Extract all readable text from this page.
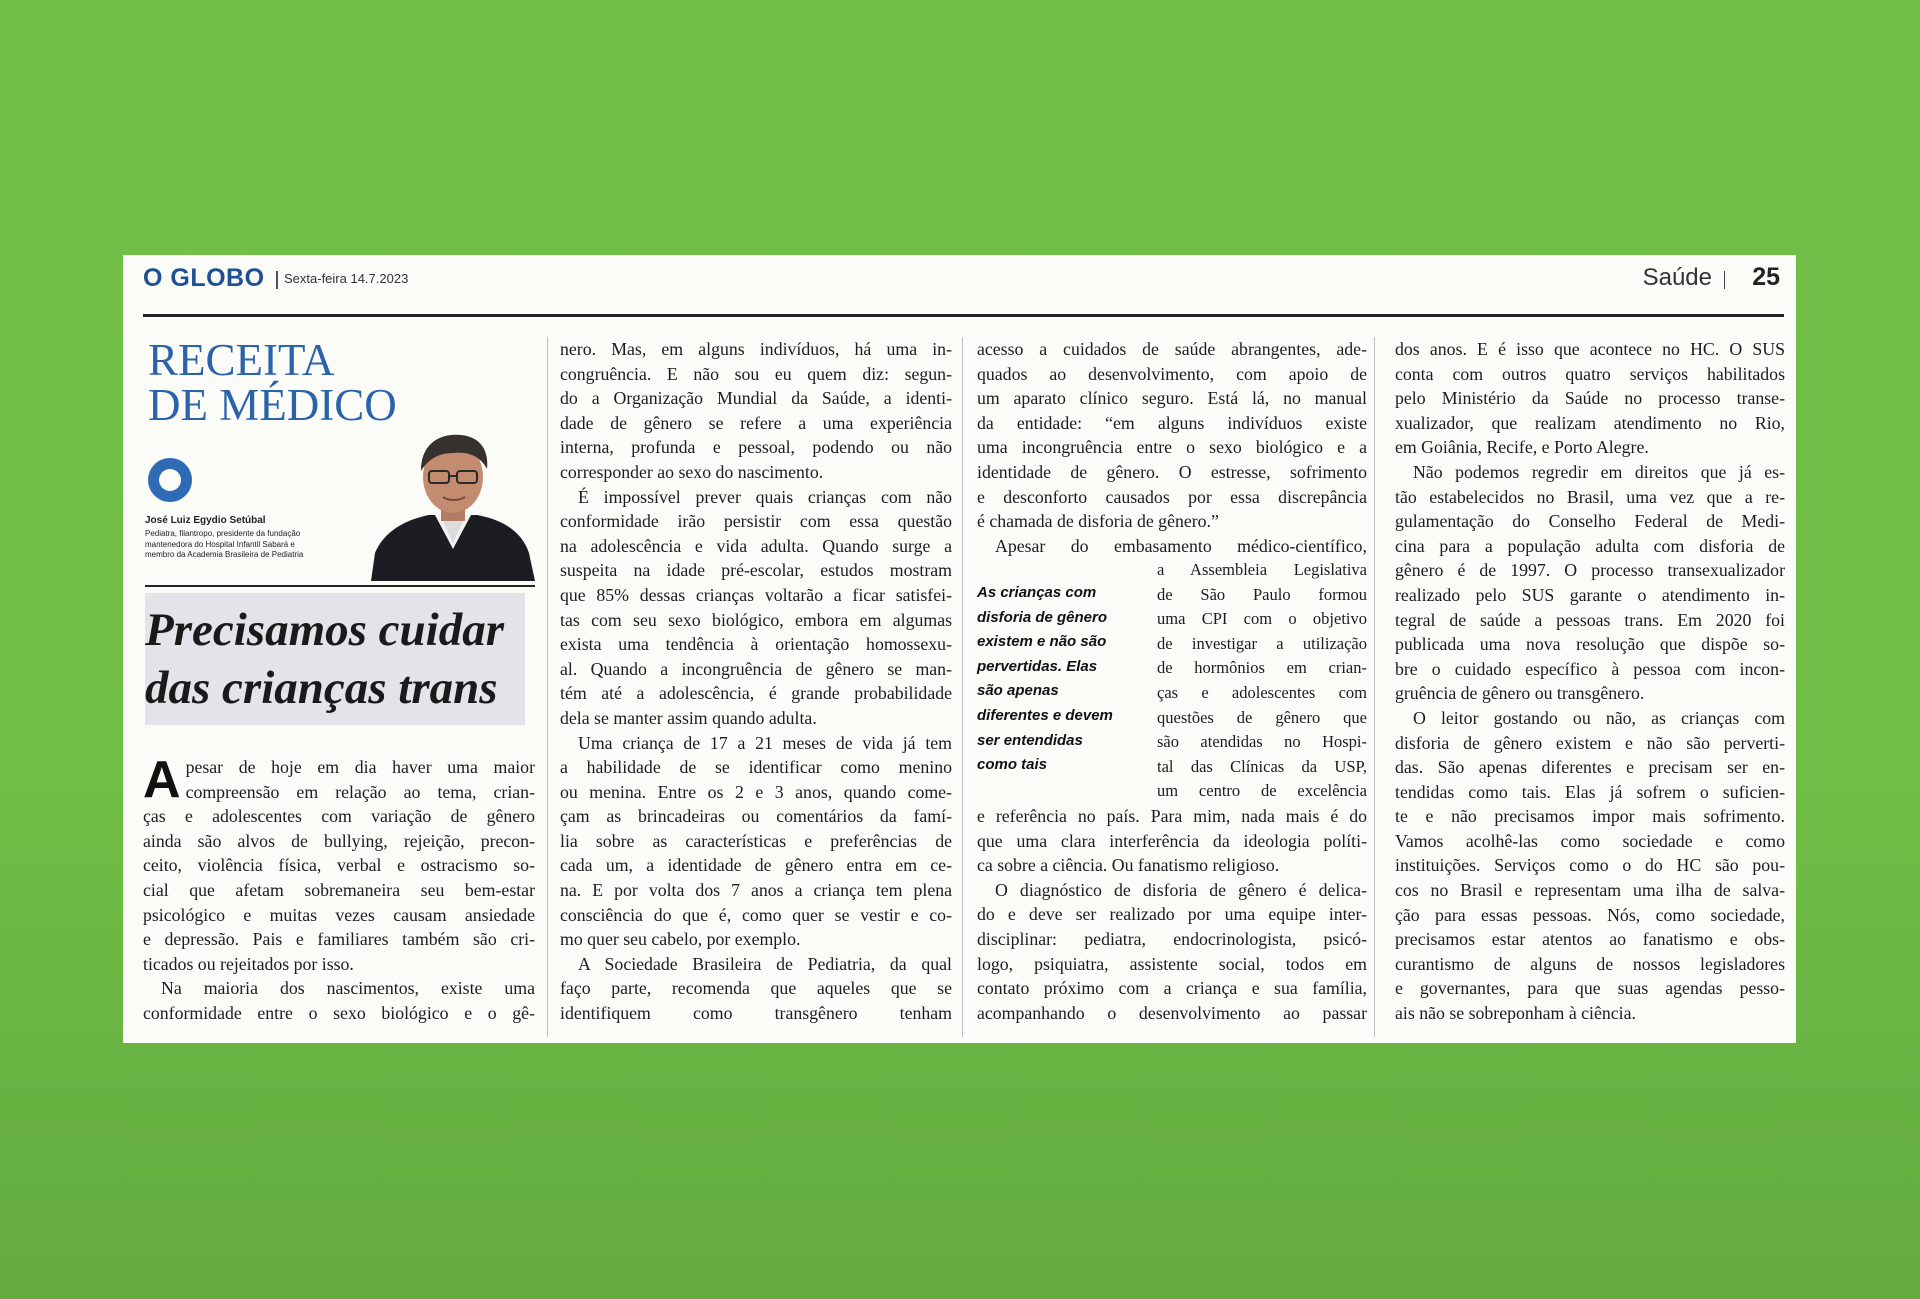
O GLOBO Sexta-feira 14.7.2023	Saúde 25
RECEITA
DE MÉDICO
José Luiz Egydio Setúbal
Pediatra, filantropo, presidente da fundação
mantenedora do Hospital Infantil Sabará e
membro da Academia Brasileira de Pediatria
Precisamos cuidar
das crianças trans
A pesar de hoje em dia haver uma maior
compreensão em relação ao tema, crian-
ças e adolescentes com variação de gênero
ainda são alvos de bullying, rejeição, precon-
ceito, violência física, verbal e ostracismo so-
cial que afetam sobremaneira seu bem-estar
psicológico e muitas vezes causam ansiedade
e depressão. Pais e familiares também são cri-
ticados ou rejeitados por isso.
Na maioria dos nascimentos, existe uma
conformidade entre o sexo biológico e o gê-
nero. Mas, em alguns indivíduos, há uma in-
congruência. E não sou eu quem diz: segun-
do a Organização Mundial da Saúde, a identi-
dade de gênero se refere a uma experiência
interna, profunda e pessoal, podendo ou não
corresponder ao sexo do nascimento.
É impossível prever quais crianças com não
conformidade irão persistir com essa questão
na adolescência e vida adulta. Quando surge a
suspeita na idade pré-escolar, estudos mostram
que 85% dessas crianças voltarão a ficar satisfei-
tas com seu sexo biológico, embora em algumas
exista uma tendência à orientação homossexu-
al. Quando a incongruência de gênero se man-
tém até a adolescência, é grande probabilidade
dela se manter assim quando adulta.
Uma criança de 17 a 21 meses de vida já tem
a habilidade de se identificar como menino
ou menina. Entre os 2 e 3 anos, quando come-
çam as brincadeiras ou comentários da famí-
lia sobre as características e preferências de
cada um, a identidade de gênero entra em ce-
na. E por volta dos 7 anos a criança tem plena
consciência do que é, como quer se vestir e co-
mo quer seu cabelo, por exemplo.
A Sociedade Brasileira de Pediatria, da qual
faço parte, recomenda que aqueles que se
identifiquem como transgênero tenham
acesso a cuidados de saúde abrangentes, ade-
quados ao desenvolvimento, com apoio de
um aparato clínico seguro. Está lá, no manual
da entidade: “em alguns indivíduos existe
uma incongruência entre o sexo biológico e a
identidade de gênero. O estresse, sofrimento
e desconforto causados por essa discrepância
é chamada de disforia de gênero.”
Apesar do embasamento médico-científico,
As crianças com
disforia de gênero
existem e não são
pervertidas. Elas
são apenas
diferentes e devem
ser entendidas
como tais
a Assembleia Legislativa
de São Paulo formou
uma CPI com o objetivo
de investigar a utilização
de hormônios em crian-
ças e adolescentes com
questões de gênero que
são atendidas no Hospi-
tal das Clínicas da USP,
um centro de excelência
e referência no país. Para mim, nada mais é do
que uma clara interferência da ideologia políti-
ca sobre a ciência. Ou fanatismo religioso.
O diagnóstico de disforia de gênero é delica-
do e deve ser realizado por uma equipe inter-
disciplinar: pediatra, endocrinologista, psicó-
logo, psiquiatra, assistente social, todos em
contato próximo com a criança e sua família,
acompanhando o desenvolvimento ao passar
dos anos. E é isso que acontece no HC. O SUS
conta com outros quatro serviços habilitados
pelo Ministério da Saúde no processo transe-
xualizador, que realizam atendimento no Rio,
em Goiânia, Recife, e Porto Alegre.
Não podemos regredir em direitos que já es-
tão estabelecidos no Brasil, uma vez que a re-
gulamentação do Conselho Federal de Medi-
cina para a população adulta com disforia de
gênero é de 1997. O processo transexualizador
realizado pelo SUS garante o atendimento in-
tegral de saúde a pessoas trans. Em 2020 foi
publicada uma nova resolução que dispõe so-
bre o cuidado específico à pessoa com incon-
gruência de gênero ou transgênero.
O leitor gostando ou não, as crianças com
disforia de gênero existem e não são perverti-
das. São apenas diferentes e precisam ser en-
tendidas como tais. Elas já sofrem o suficien-
te e não precisamos impor mais sofrimento.
Vamos acolhê-las como sociedade e como
instituições. Serviços como o do HC são pou-
cos no Brasil e representam uma ilha de salva-
ção para essas pessoas. Nós, como sociedade,
precisamos estar atentos ao fanatismo e obs-
curantismo de alguns de nossos legisladores
e governantes, para que suas agendas pesso-
ais não se sobreponham à ciência.
